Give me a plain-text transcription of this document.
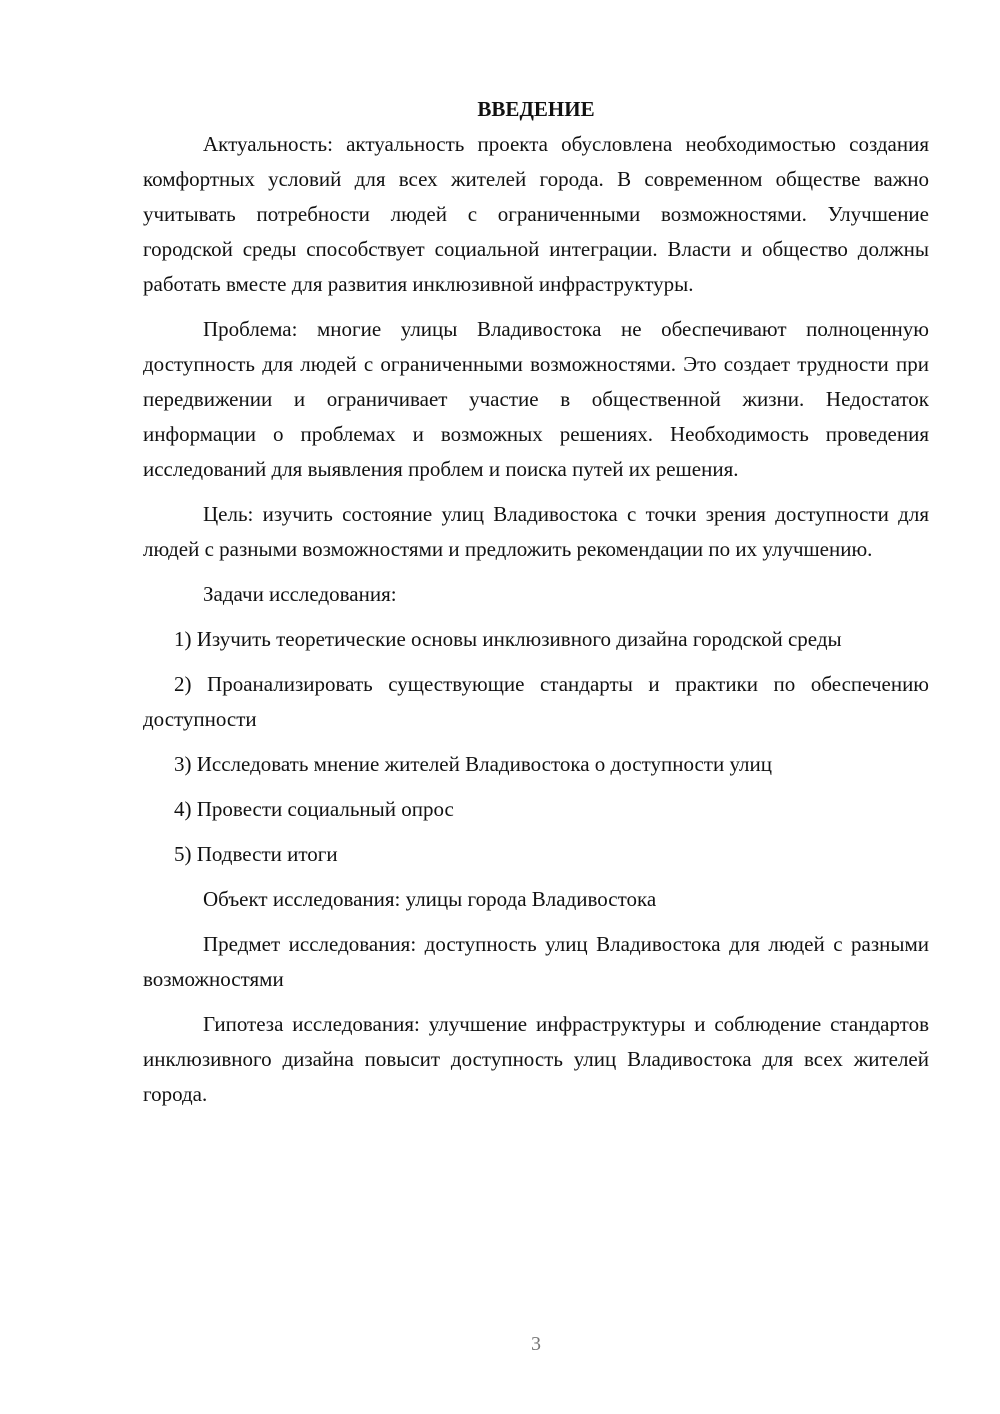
ВВЕДЕНИЕ

Актуальность: актуальность проекта обусловлена необходимостью создания комфортных условий для всех жителей города. В современном обществе важно учитывать потребности людей с ограниченными возможностями. Улучшение городской среды способствует социальной интеграции. Власти и общество должны работать вместе для развития инклюзивной инфраструктуры.

Проблема: многие улицы Владивостока не обеспечивают полноценную доступность для людей с ограниченными возможностями. Это создает трудности при передвижении и ограничивает участие в общественной жизни. Недостаток информации о проблемах и возможных решениях. Необходимость проведения исследований для выявления проблем и поиска путей их решения.

Цель: изучить состояние улиц Владивостока с точки зрения доступности для людей с разными возможностями и предложить рекомендации по их улучшению.

Задачи исследования:

1) Изучить теоретические основы инклюзивного дизайна городской среды

2) Проанализировать существующие стандарты и практики по обеспечению доступности

3) Исследовать мнение жителей Владивостока о доступности улиц

4) Провести социальный опрос

5) Подвести итоги

Объект исследования: улицы города Владивостока

Предмет исследования: доступность улиц Владивостока для людей с разными возможностями

Гипотеза исследования: улучшение инфраструктуры и соблюдение стандартов инклюзивного дизайна повысит доступность улиц Владивостока для всех жителей города.

3
